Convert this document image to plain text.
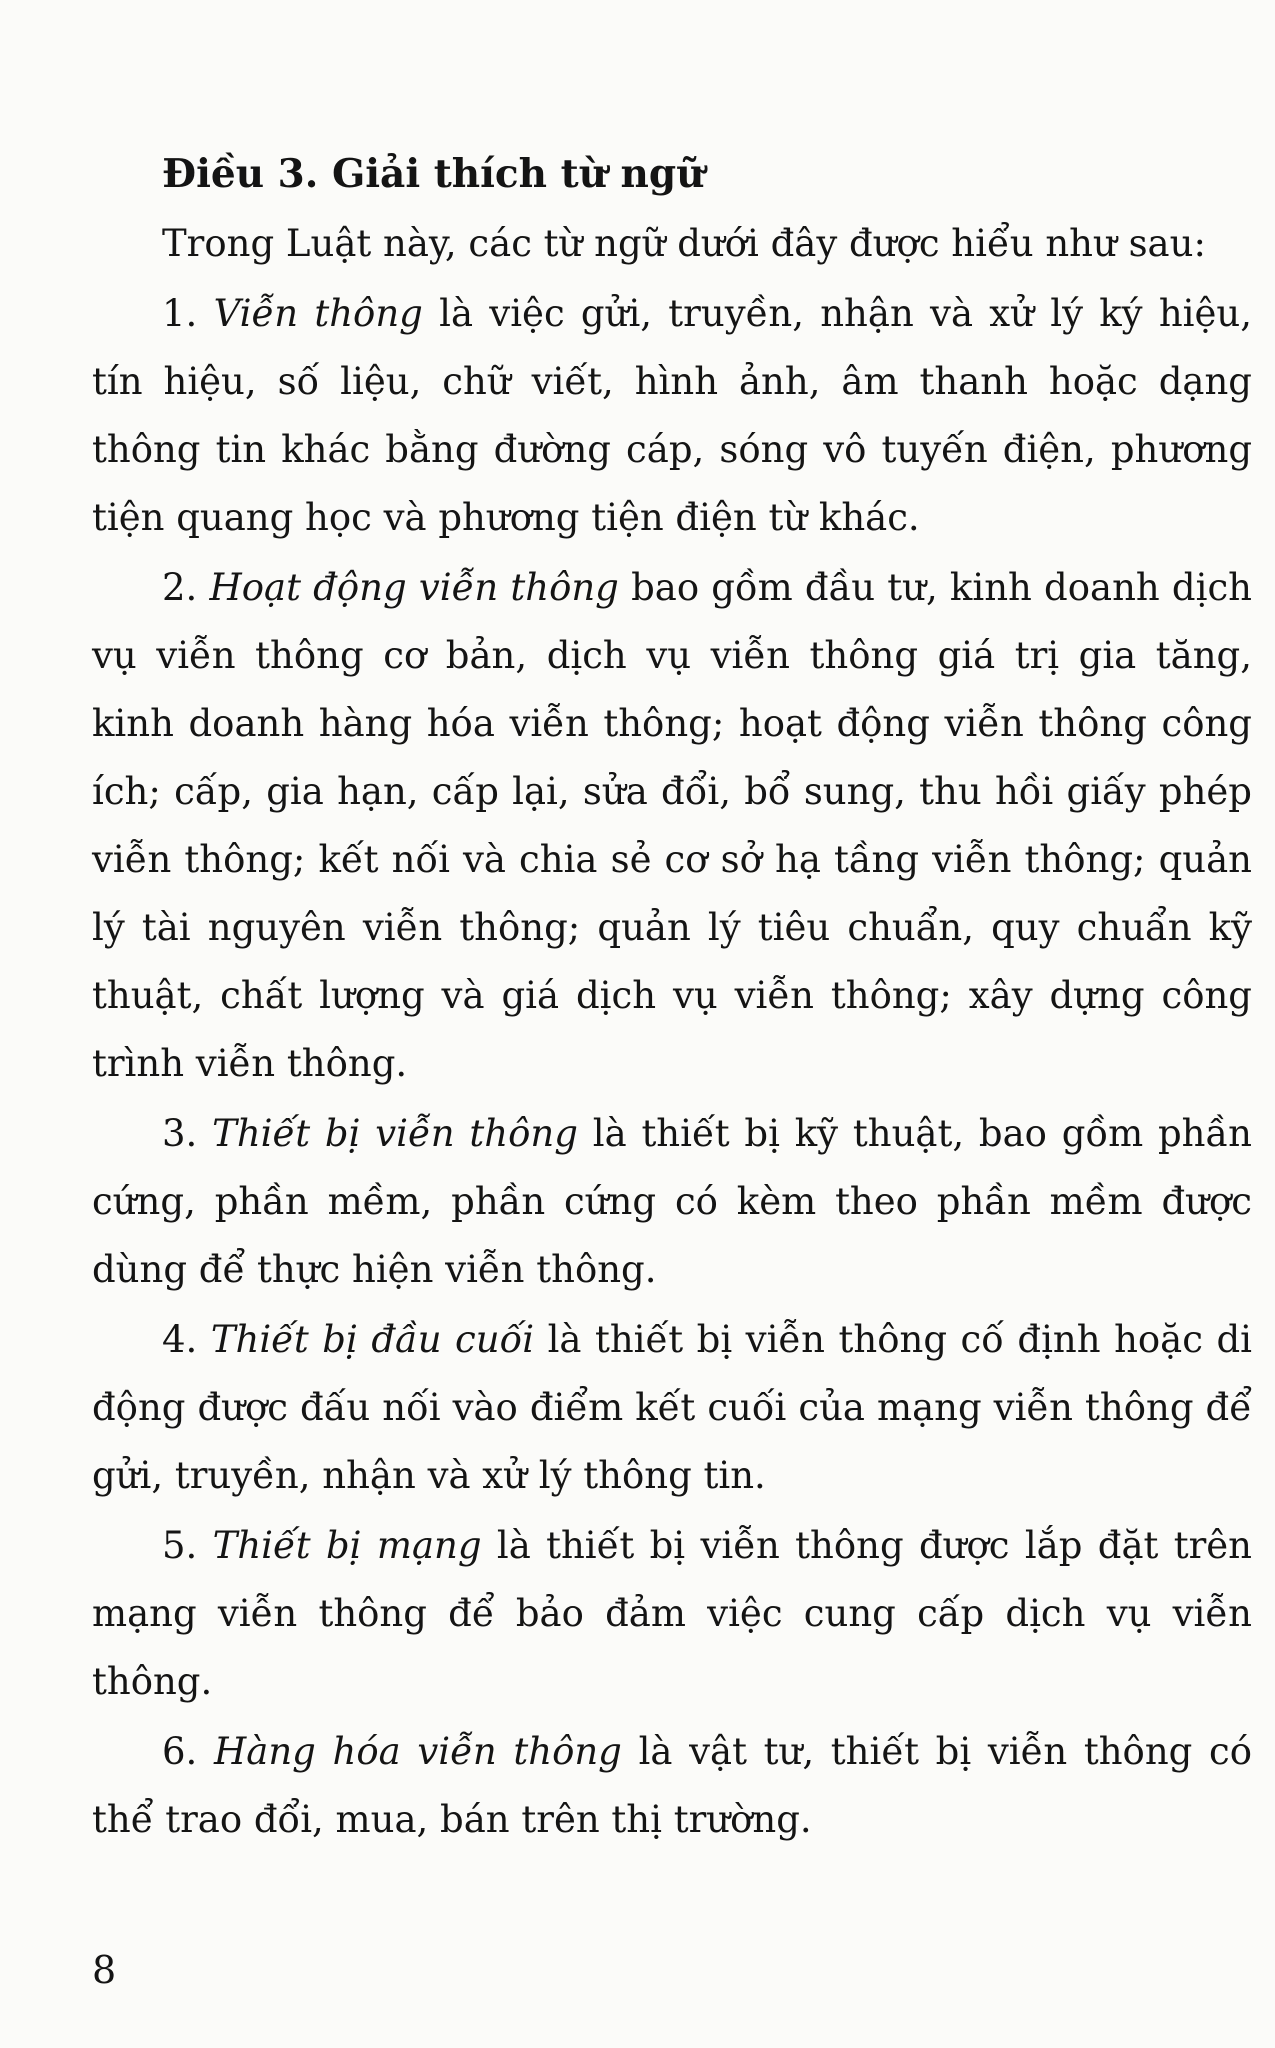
Điều 3. Giải thích từ ngữ

Trong Luật này, các từ ngữ dưới đây được hiểu như sau:

1. Viễn thông là việc gửi, truyền, nhận và xử lý ký hiệu, tín hiệu, số liệu, chữ viết, hình ảnh, âm thanh hoặc dạng thông tin khác bằng đường cáp, sóng vô tuyến điện, phương tiện quang học và phương tiện điện từ khác.

2. Hoạt động viễn thông bao gồm đầu tư, kinh doanh dịch vụ viễn thông cơ bản, dịch vụ viễn thông giá trị gia tăng, kinh doanh hàng hóa viễn thông; hoạt động viễn thông công ích; cấp, gia hạn, cấp lại, sửa đổi, bổ sung, thu hồi giấy phép viễn thông; kết nối và chia sẻ cơ sở hạ tầng viễn thông; quản lý tài nguyên viễn thông; quản lý tiêu chuẩn, quy chuẩn kỹ thuật, chất lượng và giá dịch vụ viễn thông; xây dựng công trình viễn thông.

3. Thiết bị viễn thông là thiết bị kỹ thuật, bao gồm phần cứng, phần mềm, phần cứng có kèm theo phần mềm được dùng để thực hiện viễn thông.

4. Thiết bị đầu cuối là thiết bị viễn thông cố định hoặc di động được đấu nối vào điểm kết cuối của mạng viễn thông để gửi, truyền, nhận và xử lý thông tin.

5. Thiết bị mạng là thiết bị viễn thông được lắp đặt trên mạng viễn thông để bảo đảm việc cung cấp dịch vụ viễn thông.

6. Hàng hóa viễn thông là vật tư, thiết bị viễn thông có thể trao đổi, mua, bán trên thị trường.

8
